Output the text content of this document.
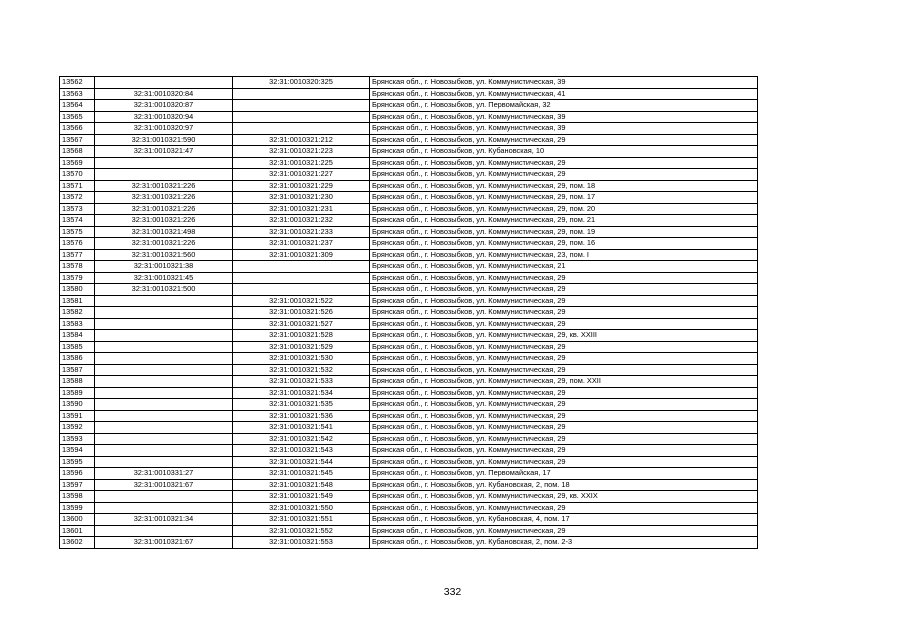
13562		32:31:0010320:325	Брянская обл., г. Новозыбков, ул. Коммунистическая, 39
13563	32:31:0010320:84		Брянская обл., г. Новозыбков, ул. Коммунистическая, 41
13564	32:31:0010320:87		Брянская обл., г. Новозыбков, ул. Первомайская, 32
13565	32:31:0010320:94		Брянская обл., г. Новозыбков, ул. Коммунистическая, 39
13566	32:31:0010320:97		Брянская обл., г. Новозыбков, ул. Коммунистическая, 39
13567	32:31:0010321:590	32:31:0010321:212	Брянская обл., г. Новозыбков, ул. Коммунистическая, 29
13568	32:31:0010321:47	32:31:0010321:223	Брянская обл., г. Новозыбков, ул. Кубановская, 10
13569		32:31:0010321:225	Брянская обл., г. Новозыбков, ул. Коммунистическая, 29
13570		32:31:0010321:227	Брянская обл., г. Новозыбков, ул. Коммунистическая, 29
13571	32:31:0010321:226	32:31:0010321:229	Брянская обл., г. Новозыбков, ул. Коммунистическая, 29, пом. 18
13572	32:31:0010321:226	32:31:0010321:230	Брянская обл., г. Новозыбков, ул. Коммунистическая, 29, пом. 17
13573	32:31:0010321:226	32:31:0010321:231	Брянская обл., г. Новозыбков, ул. Коммунистическая, 29, пом. 20
13574	32:31:0010321:226	32:31:0010321:232	Брянская обл., г. Новозыбков, ул. Коммунистическая, 29, пом. 21
13575	32:31:0010321:498	32:31:0010321:233	Брянская обл., г. Новозыбков, ул. Коммунистическая, 29, пом. 19
13576	32:31:0010321:226	32:31:0010321:237	Брянская обл., г. Новозыбков, ул. Коммунистическая, 29, пом. 16
13577	32:31:0010321:560	32:31:0010321:309	Брянская обл., г. Новозыбков, ул. Коммунистическая, 23, пом. I
13578	32:31:0010321:38		Брянская обл., г. Новозыбков, ул. Коммунистическая, 21
13579	32:31:0010321:45		Брянская обл., г. Новозыбков, ул. Коммунистическая, 29
13580	32:31:0010321:500		Брянская обл., г. Новозыбков, ул. Коммунистическая, 29
13581		32:31:0010321:522	Брянская обл., г. Новозыбков, ул. Коммунистическая, 29
13582		32:31:0010321:526	Брянская обл., г. Новозыбков, ул. Коммунистическая, 29
13583		32:31:0010321:527	Брянская обл., г. Новозыбков, ул. Коммунистическая, 29
13584		32:31:0010321:528	Брянская обл., г. Новозыбков, ул. Коммунистическая, 29, кв. XXIII
13585		32:31:0010321:529	Брянская обл., г. Новозыбков, ул. Коммунистическая, 29
13586		32:31:0010321:530	Брянская обл., г. Новозыбков, ул. Коммунистическая, 29
13587		32:31:0010321:532	Брянская обл., г. Новозыбков, ул. Коммунистическая, 29
13588		32:31:0010321:533	Брянская обл., г. Новозыбков, ул. Коммунистическая, 29, пом. XXII
13589		32:31:0010321:534	Брянская обл., г. Новозыбков, ул. Коммунистическая, 29
13590		32:31:0010321:535	Брянская обл., г. Новозыбков, ул. Коммунистическая, 29
13591		32:31:0010321:536	Брянская обл., г. Новозыбков, ул. Коммунистическая, 29
13592		32:31:0010321:541	Брянская обл., г. Новозыбков, ул. Коммунистическая, 29
13593		32:31:0010321:542	Брянская обл., г. Новозыбков, ул. Коммунистическая, 29
13594		32:31:0010321:543	Брянская обл., г. Новозыбков, ул. Коммунистическая, 29
13595		32:31:0010321:544	Брянская обл., г. Новозыбков, ул. Коммунистическая, 29
13596	32:31:0010331:27	32:31:0010321:545	Брянская обл., г. Новозыбков, ул. Первомайская, 17
13597	32:31:0010321:67	32:31:0010321:548	Брянская обл., г. Новозыбков, ул. Кубановская, 2, пом. 18
13598		32:31:0010321:549	Брянская обл., г. Новозыбков, ул. Коммунистическая, 29, кв. XXIX
13599		32:31:0010321:550	Брянская обл., г. Новозыбков, ул. Коммунистическая, 29
13600	32:31:0010321:34	32:31:0010321:551	Брянская обл., г. Новозыбков, ул. Кубановская, 4, пом. 17
13601		32:31:0010321:552	Брянская обл., г. Новозыбков, ул. Коммунистическая, 29
13602	32:31:0010321:67	32:31:0010321:553	Брянская обл., г. Новозыбков, ул. Кубановская, 2, пом. 2-3
332
